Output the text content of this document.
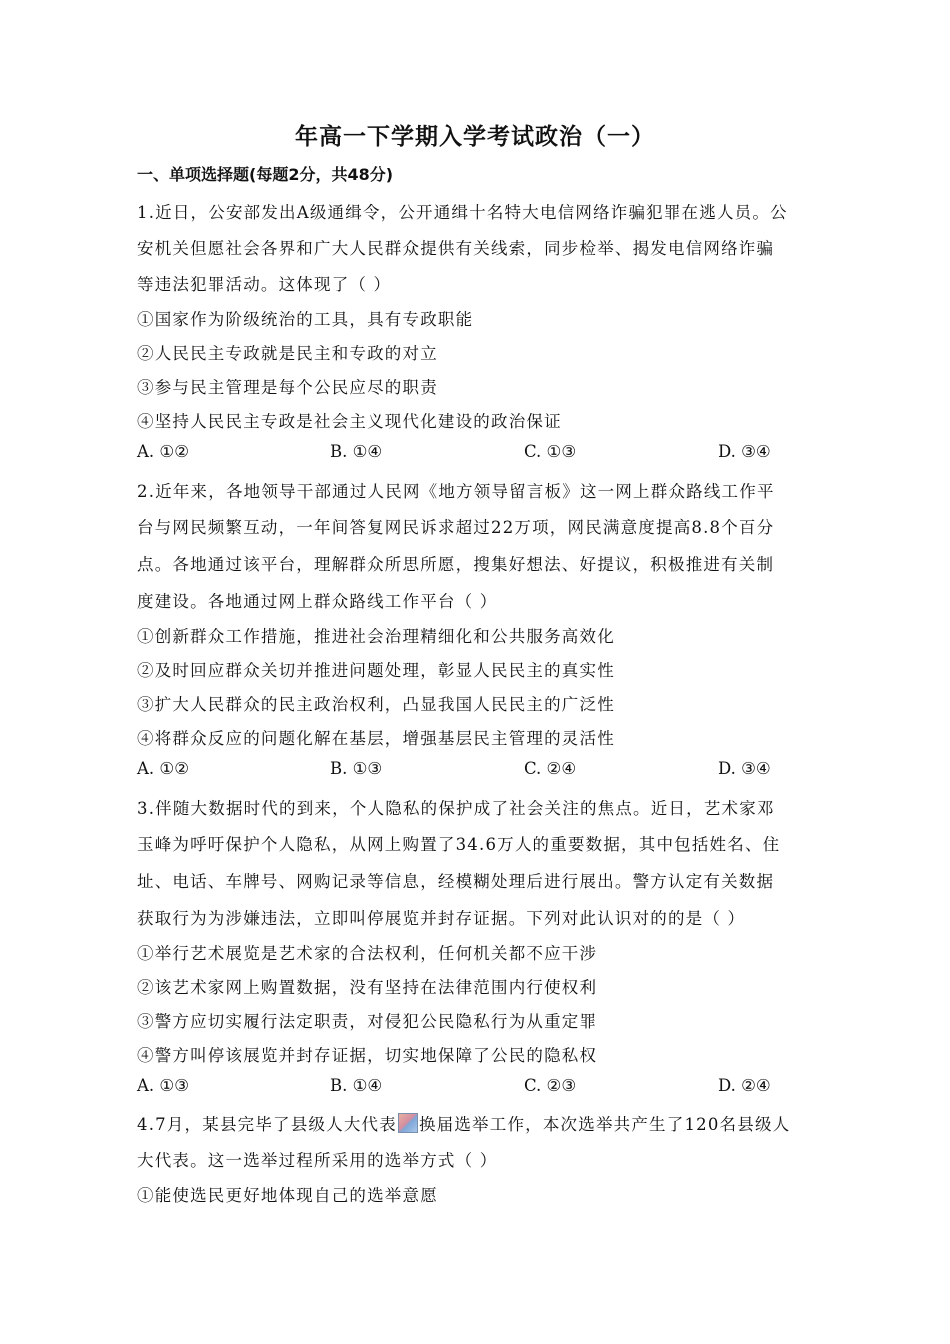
年高一下学期入学考试政治（一）
一、单项选择题(每题2分，共48分)
1.近日，公安部发出A级通缉令，公开通缉十名特大电信网络诈骗犯罪在逃人员。公
安机关但愿社会各界和广大人民群众提供有关线索，同步检举、揭发电信网络诈骗
等违法犯罪活动。这体现了（ ）
①国家作为阶级统治的工具，具有专政职能
②人民民主专政就是民主和专政的对立
③参与民主管理是每个公民应尽的职责
④坚持人民民主专政是社会主义现代化建设的政治保证
A. ①②	B. ①④	C. ①③	D. ③④
2.近年来，各地领导干部通过人民网《地方领导留言板》这一网上群众路线工作平
台与网民频繁互动，一年间答复网民诉求超过22万项，网民满意度提高8.8个百分
点。各地通过该平台，理解群众所思所愿，搜集好想法、好提议，积极推进有关制
度建设。各地通过网上群众路线工作平台（ ）
①创新群众工作措施，推进社会治理精细化和公共服务高效化
②及时回应群众关切并推进问题处理，彰显人民民主的真实性
③扩大人民群众的民主政治权利，凸显我国人民民主的广泛性
④将群众反应的问题化解在基层，增强基层民主管理的灵活性
A. ①②	B. ①③	C. ②④	D. ③④
3.伴随大数据时代的到来，个人隐私的保护成了社会关注的焦点。近日，艺术家邓
玉峰为呼吁保护个人隐私，从网上购置了34.6万人的重要数据，其中包括姓名、住
址、电话、车牌号、网购记录等信息，经模糊处理后进行展出。警方认定有关数据
获取行为为涉嫌违法，立即叫停展览并封存证据。下列对此认识对的的是（ ）
①举行艺术展览是艺术家的合法权利，任何机关都不应干涉
②该艺术家网上购置数据，没有坚持在法律范围内行使权利
③警方应切实履行法定职责，对侵犯公民隐私行为从重定罪
④警方叫停该展览并封存证据，切实地保障了公民的隐私权
A. ①③	B. ①④	C. ②③	D. ②④
4.7月，某县完毕了县级人大代表 换届选举工作，本次选举共产生了120名县级人
大代表。这一选举过程所采用的选举方式（ ）
①能使选民更好地体现自己的选举意愿
